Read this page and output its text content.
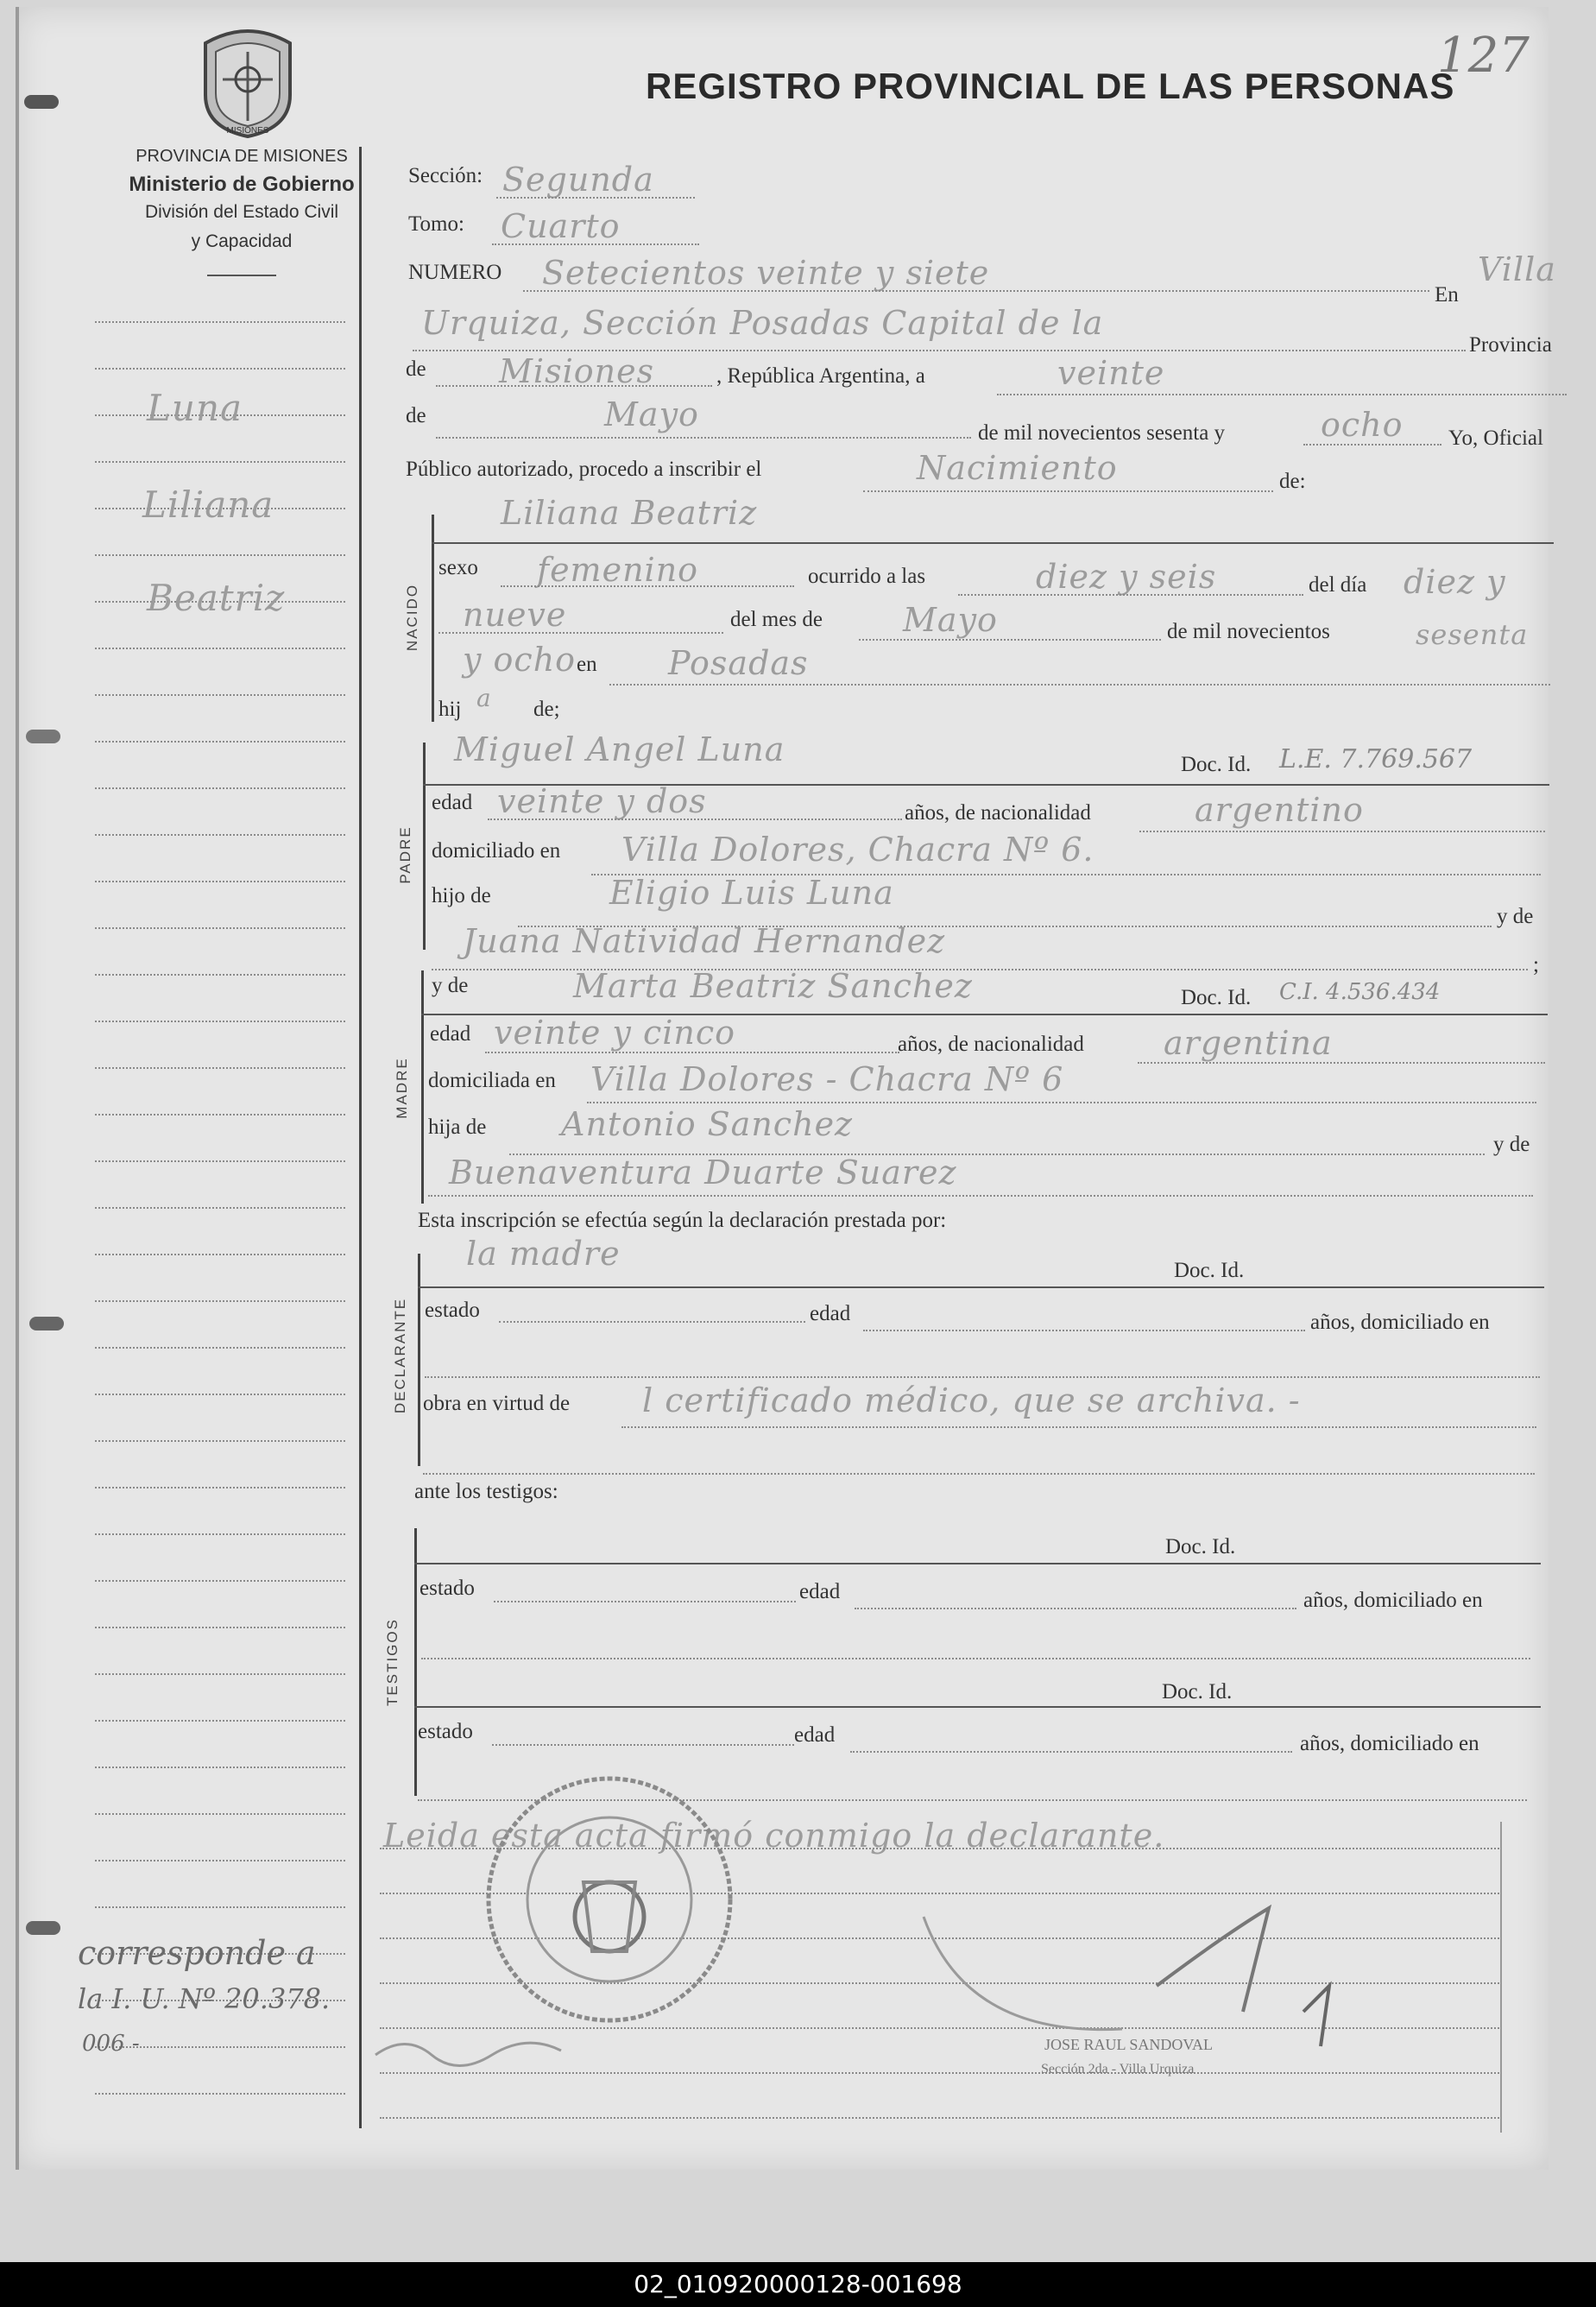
127
REGISTRO PROVINCIAL DE LAS PERSONAS
MISIONES
PROVINCIA DE MISIONES
Ministerio de Gobierno
División del Estado Civil
y Capacidad
Luna
Liliana
Beatriz
corresponde a
la I. U. Nº 20.378.
006 -
Sección: Segunda
Tomo: Cuarto
NUMERO Setecientos veinte y siete
En
Villa
Urquiza, Sección Posadas Capital de la
Provincia
de Misiones	, República Argentina, a	veinte
de	Mayo	de mil novecientos sesenta y	ocho Yo, Oficial
Público autorizado, procedo a inscribir el	Nacimiento	de:
NACIDO
Liliana Beatriz
sexo femenino	ocurrido a las	diez y seis	del día diez y
nueve	del mes de Mayo	de mil novecientos	sesenta
y ocho en Posadas
hij a de;
PADRE
Miguel Angel Luna	Doc. Id. L.E. 7.769.567
edad veinte y dos	años, de nacionalidad	argentino
domiciliado en Villa Dolores, Chacra Nº 6.
hijo de	Eligio Luis Luna
y de
Juana Natividad Hernandez
;
MADRE
y de	Marta Beatriz Sanchez	Doc. Id. C.I. 4.536.434
edad veinte y cinco	años, de nacionalidad argentina
domiciliada en Villa Dolores - Chacra Nº 6
hija de Antonio Sanchez
y de
Buenaventura Duarte Suarez
Esta inscripción se efectúa según la declaración prestada por:
DECLARANTE
la madre	Doc. Id.
estado	edad	años, domiciliado en
obra en virtud de l certificado médico, que se archiva. -
ante los testigos:
TESTIGOS
Doc. Id.
estado	edad	años, domiciliado en
Doc. Id.
estado	edad	años, domiciliado en
Leida esta acta firmó conmigo la declarante.
JOSE RAUL SANDOVAL
Sección 2da - Villa Urquiza
02_010920000128-001698
